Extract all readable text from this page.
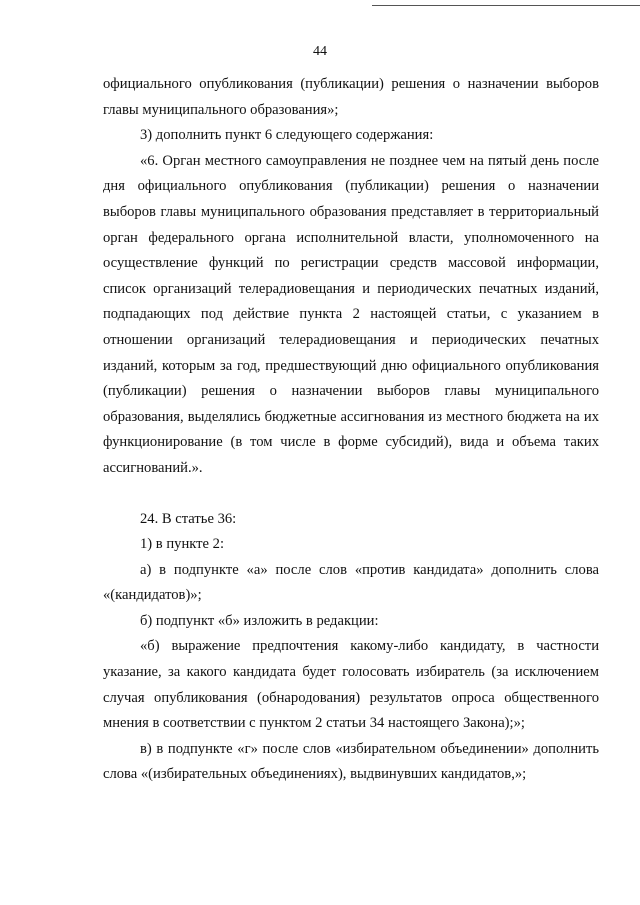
44

официального опубликования (публикации) решения о назначении выборов главы муниципального образования»;

3) дополнить пункт 6 следующего содержания:

«6. Орган местного самоуправления не позднее чем на пятый день после дня официального опубликования (публикации) решения о назначении выборов главы муниципального образования представляет в территориальный орган федерального органа исполнительной власти, уполномоченного на осуществление функций по регистрации средств массовой информации, список организаций телерадиовещания и периодических печатных изданий, подпадающих под действие пункта 2 настоящей статьи, с указанием в отношении организаций телерадиовещания и периодических печатных изданий, которым за год, предшествующий дню официального опубликования (публикации) решения о назначении выборов главы муниципального образования, выделялись бюджетные ассигнования из местного бюджета на их функционирование (в том числе в форме субсидий), вида и объема таких ассигнований.».

24. В статье 36:

1) в пункте 2:

а) в подпункте «а» после слов «против кандидата» дополнить слова «(кандидатов)»;

б) подпункт «б» изложить в редакции:

«б) выражение предпочтения какому-либо кандидату, в частности указание, за какого кандидата будет голосовать избиратель (за исключением случая опубликования (обнародования) результатов опроса общественного мнения в соответствии с пунктом 2 статьи 34 настоящего Закона);»;

в) в подпункте «г» после слов «избирательном объединении» дополнить слова «(избирательных объединениях), выдвинувших кандидатов,»;
